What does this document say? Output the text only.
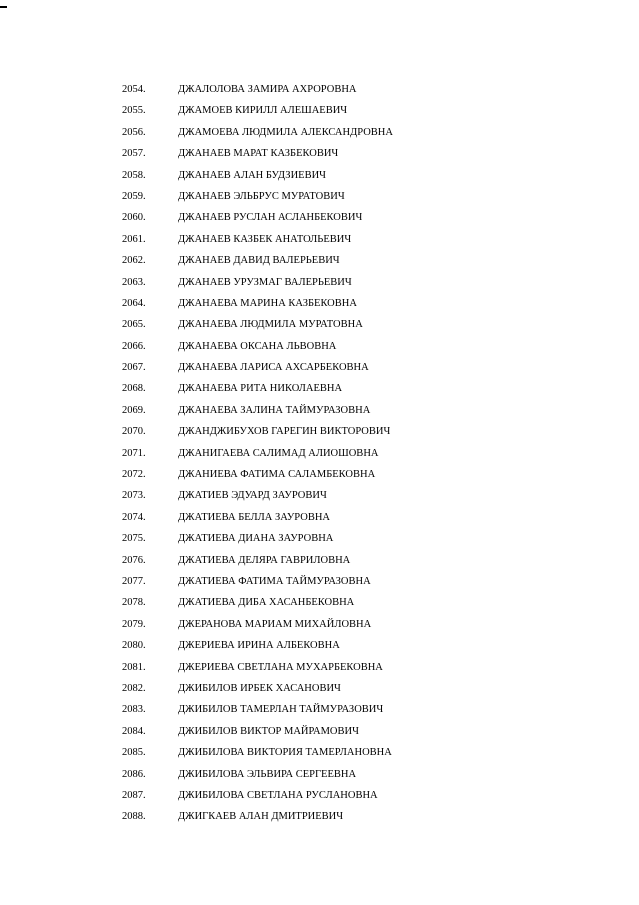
2054.	ДЖАЛОЛОВА ЗАМИРА АХРОРОВНА
2055.	ДЖАМОЕВ КИРИЛЛ АЛЕШАЕВИЧ
2056.	ДЖАМОЕВА ЛЮДМИЛА АЛЕКСАНДРОВНА
2057.	ДЖАНАЕВ МАРАТ КАЗБЕКОВИЧ
2058.	ДЖАНАЕВ АЛАН БУДЗИЕВИЧ
2059.	ДЖАНАЕВ ЭЛЬБРУС МУРАТОВИЧ
2060.	ДЖАНАЕВ РУСЛАН АСЛАНБЕКОВИЧ
2061.	ДЖАНАЕВ КАЗБЕК АНАТОЛЬЕВИЧ
2062.	ДЖАНАЕВ ДАВИД ВАЛЕРЬЕВИЧ
2063.	ДЖАНАЕВ УРУЗМАГ ВАЛЕРЬЕВИЧ
2064.	ДЖАНАЕВА МАРИНА КАЗБЕКОВНА
2065.	ДЖАНАЕВА ЛЮДМИЛА МУРАТОВНА
2066.	ДЖАНАЕВА ОКСАНА ЛЬВОВНА
2067.	ДЖАНАЕВА ЛАРИСА АХСАРБЕКОВНА
2068.	ДЖАНАЕВА РИТА НИКОЛАЕВНА
2069.	ДЖАНАЕВА ЗАЛИНА ТАЙМУРАЗОВНА
2070.	ДЖАНДЖИБУХОВ ГАРЕГИН ВИКТОРОВИЧ
2071.	ДЖАНИГАЕВА САЛИМАД АЛИОШОВНА
2072.	ДЖАНИЕВА ФАТИМА САЛАМБЕКОВНА
2073.	ДЖАТИЕВ ЭДУАРД ЗАУРОВИЧ
2074.	ДЖАТИЕВА БЕЛЛА ЗАУРОВНА
2075.	ДЖАТИЕВА ДИАНА ЗАУРОВНА
2076.	ДЖАТИЕВА ДЕЛЯРА ГАВРИЛОВНА
2077.	ДЖАТИЕВА ФАТИМА ТАЙМУРАЗОВНА
2078.	ДЖАТИЕВА ДИБА ХАСАНБЕКОВНА
2079.	ДЖЕРАНОВА МАРИАМ МИХАЙЛОВНА
2080.	ДЖЕРИЕВА ИРИНА АЛБЕКОВНА
2081.	ДЖЕРИЕВА СВЕТЛАНА МУХАРБЕКОВНА
2082.	ДЖИБИЛОВ ИРБЕК ХАСАНОВИЧ
2083.	ДЖИБИЛОВ ТАМЕРЛАН ТАЙМУРАЗОВИЧ
2084.	ДЖИБИЛОВ ВИКТОР МАЙРАМОВИЧ
2085.	ДЖИБИЛОВА ВИКТОРИЯ ТАМЕРЛАНОВНА
2086.	ДЖИБИЛОВА ЭЛЬВИРА СЕРГЕЕВНА
2087.	ДЖИБИЛОВА СВЕТЛАНА РУСЛАНОВНА
2088.	ДЖИГКАЕВ АЛАН ДМИТРИЕВИЧ
